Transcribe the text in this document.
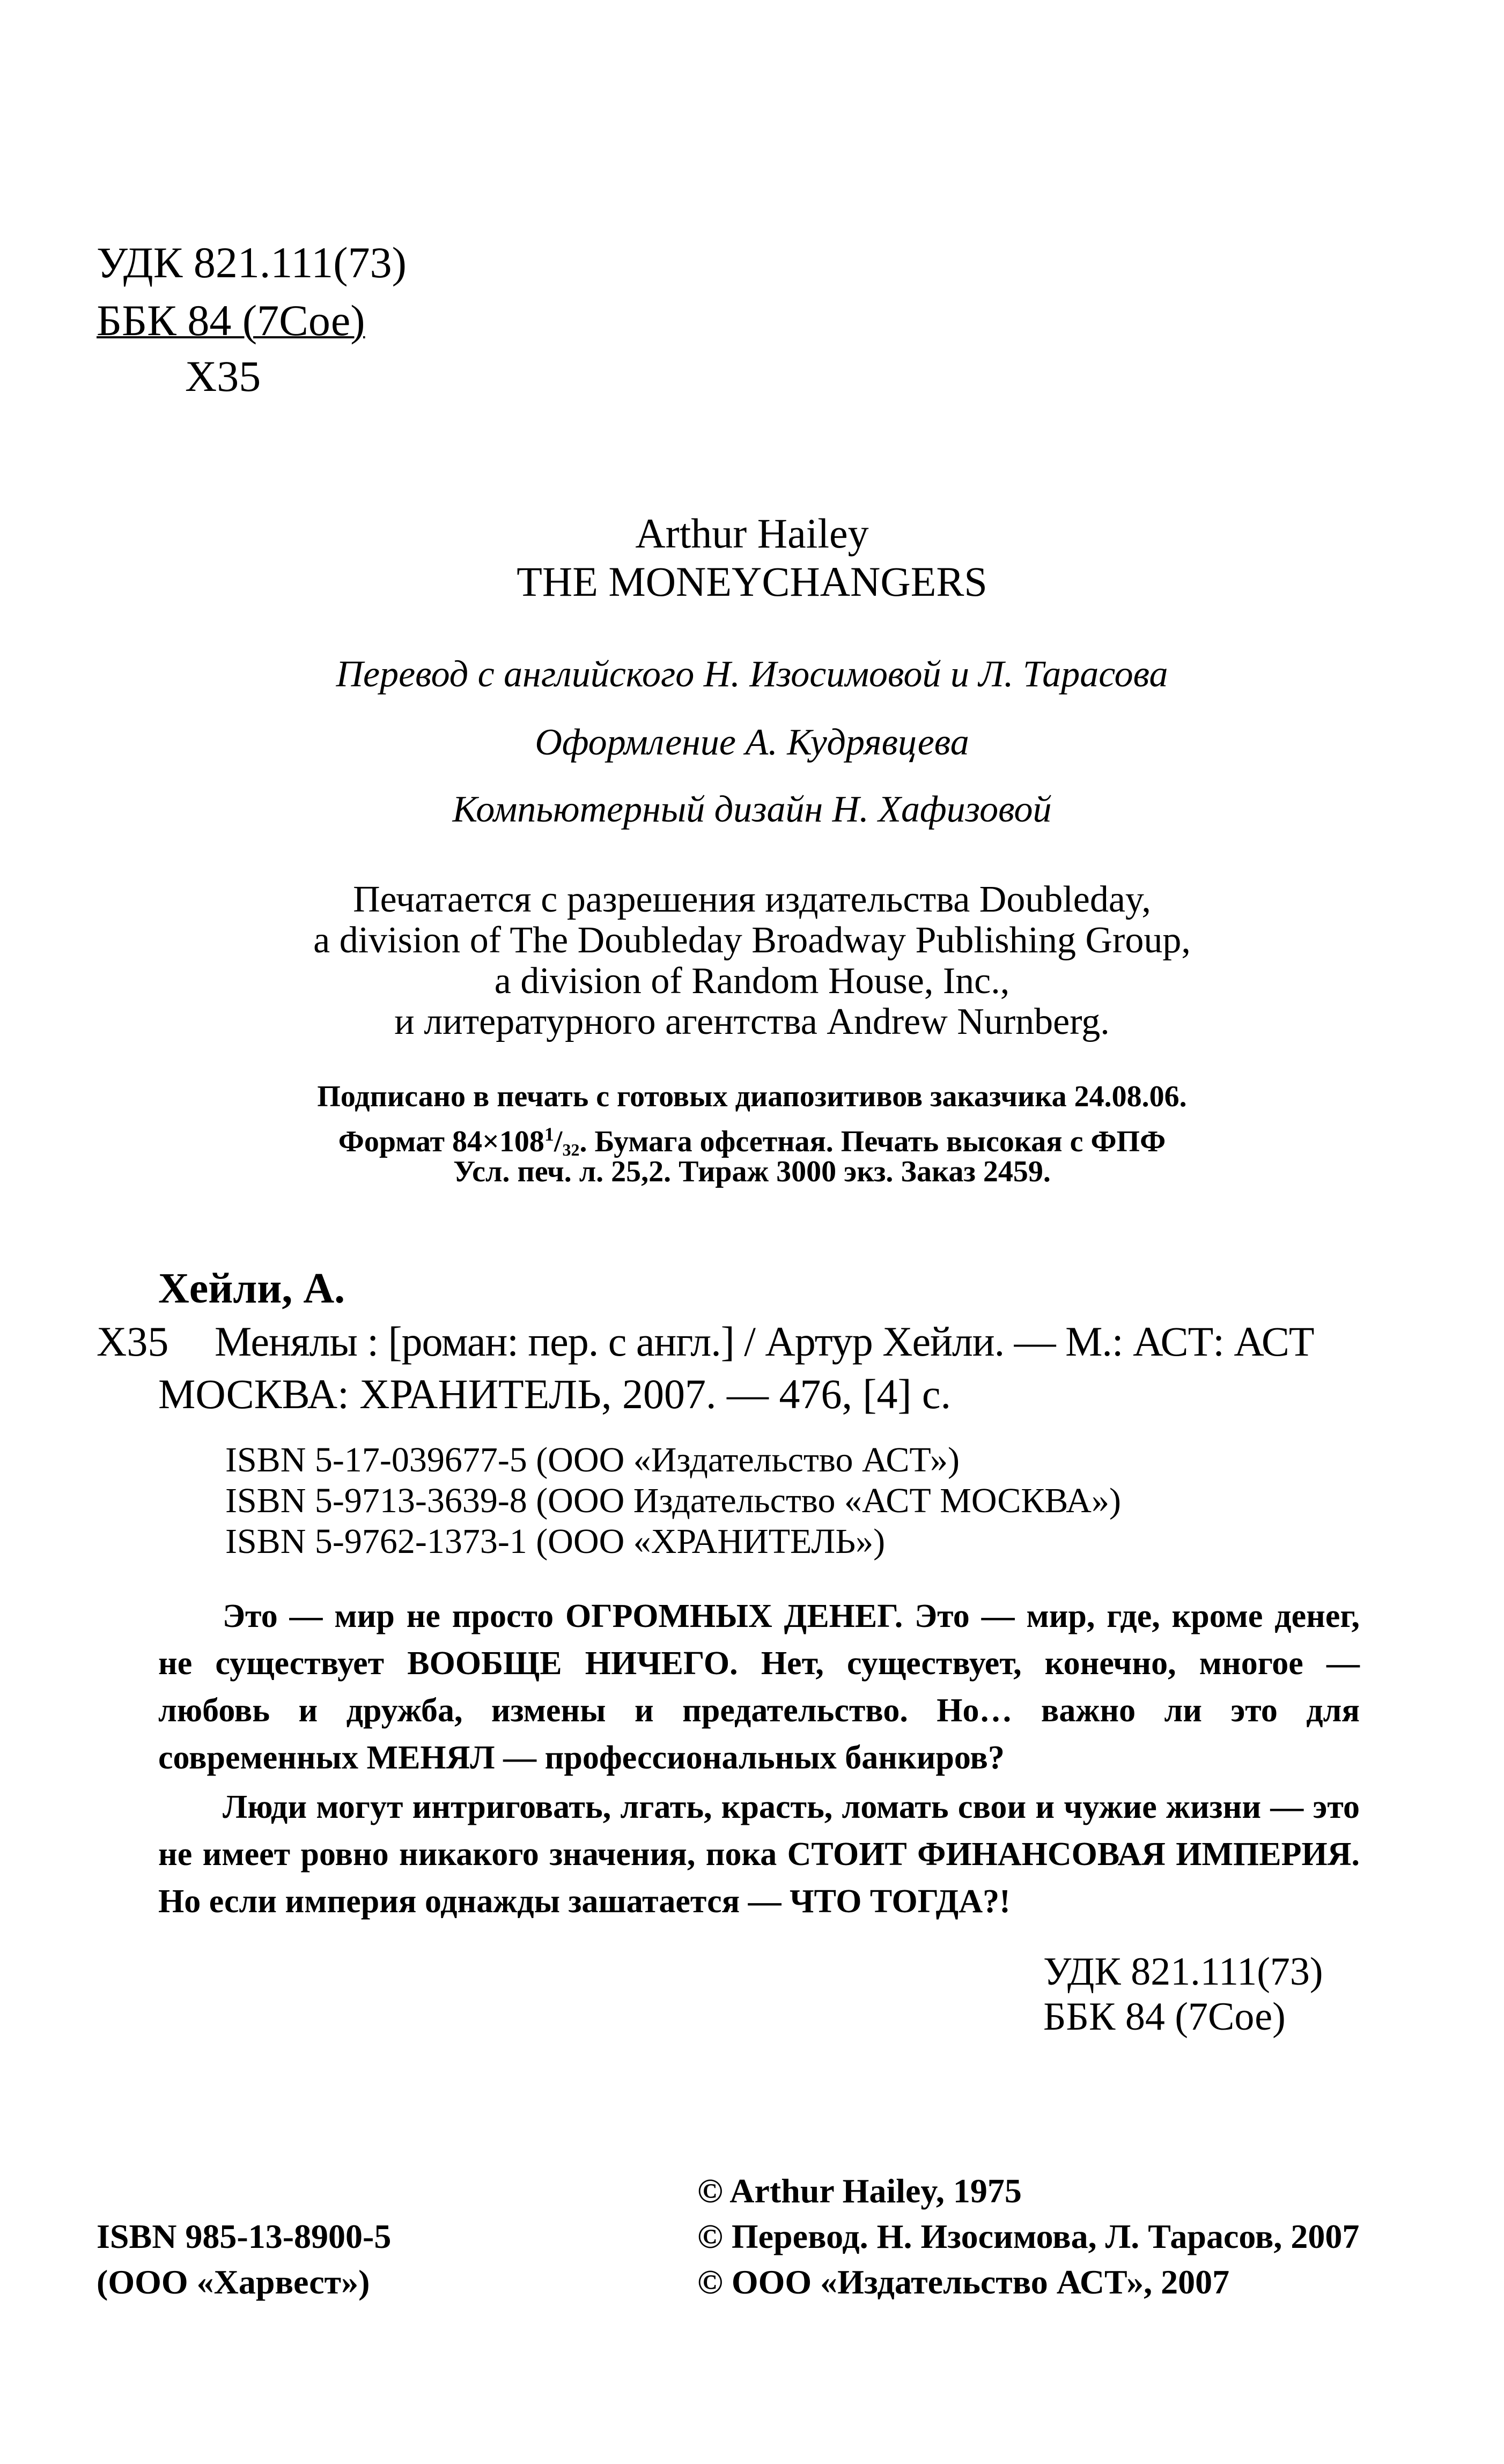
УДК 821.111(73)
ББК 84 (7Сое)
Х35
Arthur Hailey
THE MONEYCHANGERS
Перевод с английского Н. Изосимовой и Л. Тарасова
Оформление А. Кудрявцева
Компьютерный дизайн Н. Хафизовой
Печатается с разрешения издательства Doubleday,
a division of The Doubleday Broadway Publishing Group,
a division of Random House, Inc.,
и литературного агентства Andrew Nurnberg.
Подписано в печать с готовых диапозитивов заказчика 24.08.06.
Формат $84\times 108^1/_{32}$. Бумага офсетная. Печать высокая с ФПФ
Усл. печ. л. 25,2. Тираж 3000 экз. Заказ 2459.
Хейли, А.
Х35 Менялы : [роман: пер. с англ.] / Артур Хейли. — М.: АСТ: АСТ
МОСКВА: ХРАНИТЕЛЬ, 2007. — 476, [4] с.
ISBN 5-17-039677-5 (ООО «Издательство АСТ»)
ISBN 5-9713-3639-8 (ООО Издательство «АСТ МОСКВА»)
ISBN 5-9762-1373-1 (ООО «ХРАНИТЕЛЬ»)

Это — мир не просто ОГРОМНЫХ ДЕНЕГ. Это — мир, где, кроме денег, не существует ВООБЩЕ НИЧЕГО. Нет, существует, конечно, многое — любовь и дружба, измены и предательство. Но… важно ли это для современных МЕНЯЛ — профессиональных банкиров?

Люди могут интриговать, лгать, красть, ломать свои и чужие жизни — это не имеет ровно никакого значения, пока СТОИТ ФИНАНСОВАЯ ИМПЕРИЯ. Но если империя однажды зашатается — ЧТО ТОГДА?!

УДК 821.111(73)
ББК 84 (7Сое)
© Arthur Hailey, 1975
© Перевод. Н. Изосимова, Л. Тарасов, 2007
© ООО «Издательство АСТ», 2007
ISBN 985-13-8900-5
(ООО «Харвест»)
